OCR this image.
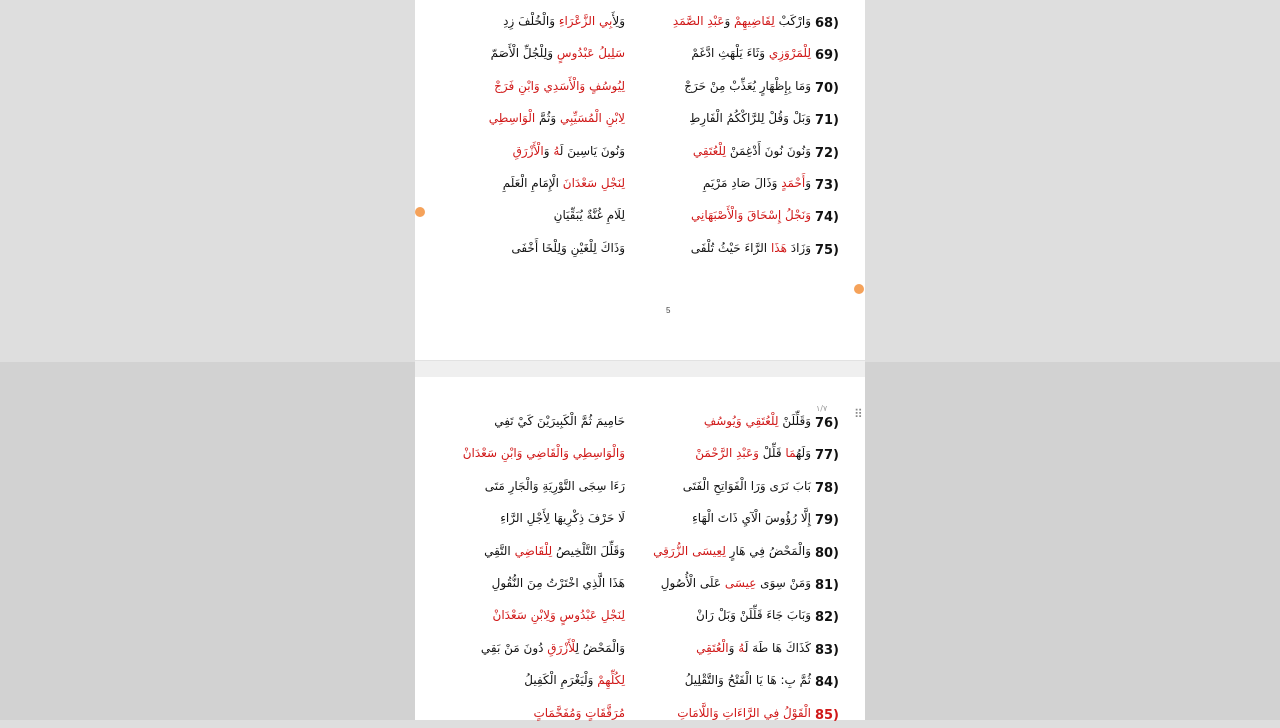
5
68)
وَارْكَبْ لِقَاضِيهِمْ وَعَبْدِ الصَّمَدِ
وَلِأَبِي الزَّعْرَاءِ وَالْخُلْفَ زِدِ
69)
لِلْمَرْوَزِي وَثَاءَ يَلْهَثِ ادَّغَمْ
سَلِيلُ عَبْدُوسٍ وَلِلْجُلِّ الْأَصَمّ
70)
وَمَا بِإِظْهَارٍ يُعَذِّبْ مِنْ حَرَجْ
لِيُوسُفٍ وَالْأَسَدِي وَابْنِ فَرَجْ
71)
وَبَلْ وَقُلْ لِلرَّاكْكُمُ الْفَارِطِ
لِابْنِ الْمُسَيِّبِي وَثُمَّ الْوَاسِطِي
72)
وَنُونَ نُونَ أَدْغِمَنْ لِلْعُتَقِي
وَنُونَ يَاسِينَ لَهُ وَالْأَزْرَقِ
73)
وَأَحْمَدٍ وَذَالَ صَادِ مَرْيَمِ
لِنَجْلِ سَعْدَانَ الْإِمَامِ الْعَلَمِ
74)
وَنَجْلُ إِسْحَاقَ وَالْأَصْبَهَانِي
لِلَامِ غُنَّةٌ يُبَقِّيَانِ
75)
وَزَادَ هَذَا الرَّاءَ حَيْثُ تُلْفَى
وَذَاكَ لِلْغَيْنِ وَلِلْخَا أَخْفَى
76)
وَقَلِّلَنْ لِلْعُتَقِي وَيُوسُفِ
حَامِيمَ ثُمَّ الْكَبِيرَيْنَ كَيْ تَفِي
77)
وَلَهُمَا قَلِّلْ وَعَبْدِ الرَّحْمَنْ
وَالْوَاسِطِي وَالْقَاضِي وَابْنِ سَعْدَانْ
78)
بَابَ نَرَى وَرَا الْفَوَاتِحِ الْفَتَى
رَءَا سِجَى التَّوْرِيَةِ وَالْجَارِ مَتَى
79)
إِلَّا رُؤُوسَ الْآيِ ذَاتَ الْهَاءِ
لَا حَرْفَ ذِكْرِيهَا لِأَجْلِ الرَّاءِ
80)
وَالْمَحْضُ فِي هَارٍ لِعِيسَى الزُّرَقِي
وَقَلِّلَ التَّلْخِيصُ لِلْقَاضِي التَّقِي
81)
وَمَنْ سِوَى عِيسَى عَلَى الْأُصُولِ
هَذَا الَّذِي اخْتَرْتُ مِنَ النُّقُولِ
82)
وَبَابَ جَاءَ قَلِّلَنْ وَبَلْ رَانْ
لِنَجْلِ عَبْدُوسٍ وَلِابْنِ سَعْدَانْ
83)
كَذَاكَ هَا طَهَ لَهُ وَالْعُتَقِي
وَالْمَحْضُ لِلْأَزْرَقِ دُونَ مَنْ بَقِي
84)
ثُمَّ بِ: هَا يَا الْفَتْحُ وَالتَّقْلِيلُ
لِكُلِّهِمْ وَلْيَغْرَمِ الْكَفِيلُ
85)
الْقَوْلُ فِي الرَّاءَاتِ وَاللَّامَاتِ
مُرَقَّقَاتٍ وَمُفَخَّمَاتٍ
١/٧ ⠿
